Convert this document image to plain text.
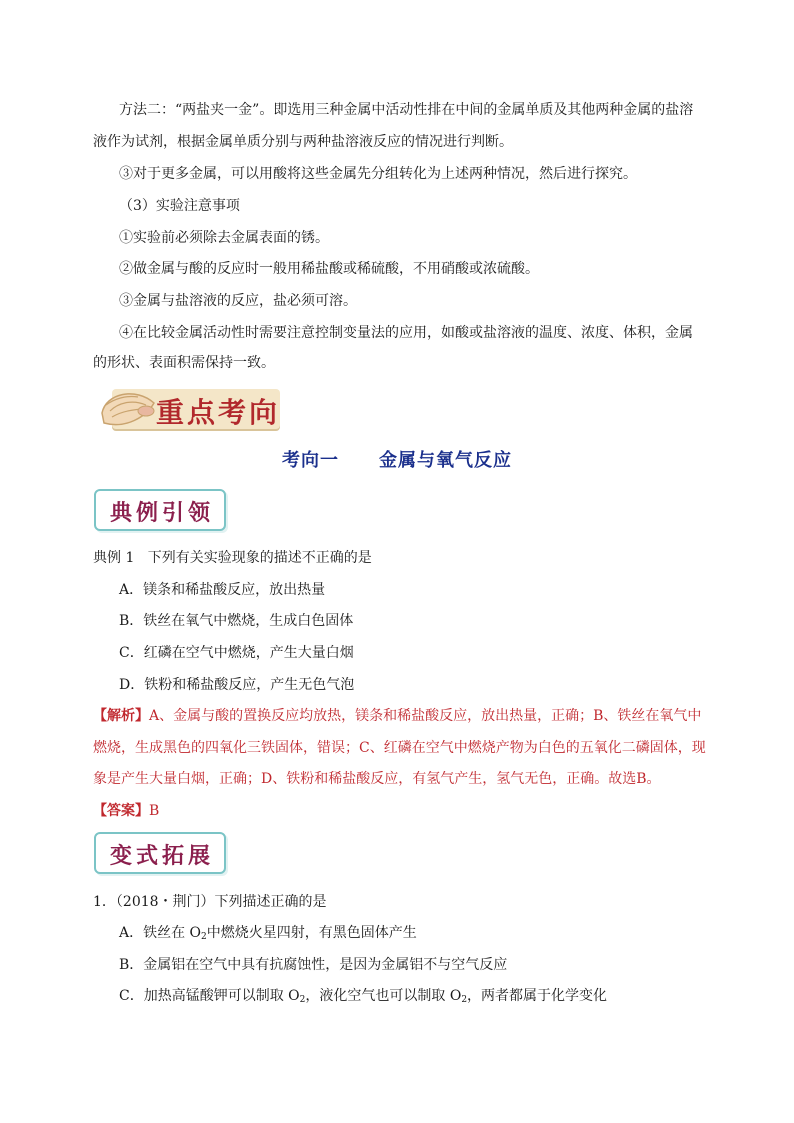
方法二：“两盐夹一金”。即选用三种金属中活动性排在中间的金属单质及其他两种金属的盐溶
液作为试剂，根据金属单质分别与两种盐溶液反应的情况进行判断。
③对于更多金属，可以用酸将这些金属先分组转化为上述两种情况，然后进行探究。
（3）实验注意事项
①实验前必须除去金属表面的锈。
②做金属与酸的反应时一般用稀盐酸或稀硫酸，不用硝酸或浓硫酸。
③金属与盐溶液的反应，盐必须可溶。
④在比较金属活动性时需要注意控制变量法的应用，如酸或盐溶液的温度、浓度、体积，金属
的形状、表面积需保持一致。
重点考向
考向一 金属与氧气反应
典例引领
典例 1 下列有关实验现象的描述不正确的是
A．镁条和稀盐酸反应，放出热量
B．铁丝在氧气中燃烧，生成白色固体
C．红磷在空气中燃烧，产生大量白烟
D．铁粉和稀盐酸反应，产生无色气泡
【解析】A、金属与酸的置换反应均放热，镁条和稀盐酸反应，放出热量，正确；B、铁丝在氧气中
燃烧，生成黑色的四氧化三铁固体，错误；C、红磷在空气中燃烧产物为白色的五氧化二磷固体，现
象是产生大量白烟，正确；D、铁粉和稀盐酸反应，有氢气产生，氢气无色，正确。故选B。
【答案】B
变式拓展
1．（2018・荆门）下列描述正确的是
A．铁丝在 $O_2$中燃烧火星四射，有黑色固体产生
B．金属铝在空气中具有抗腐蚀性，是因为金属铝不与空气反应
C．加热高锰酸钾可以制取 $O_2$，液化空气也可以制取 $O_2$，两者都属于化学变化
